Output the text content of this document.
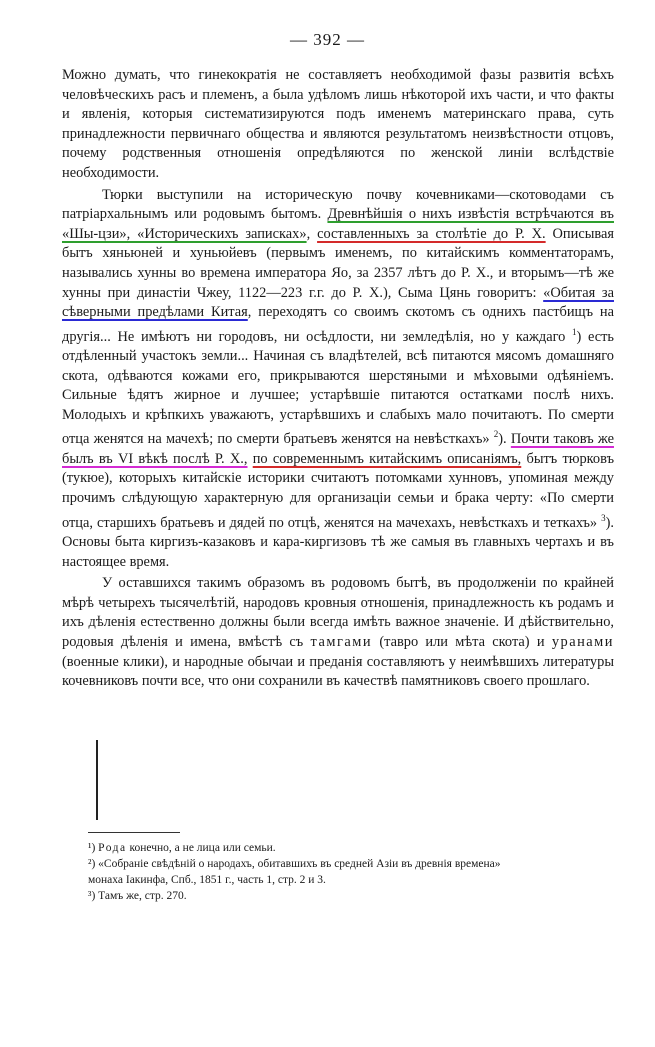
— 392 —

Можно думать, что гинекократія не составляетъ необходимой фазы развитія всѣхъ человѣческихъ расъ и племенъ, а была удѣломъ лишь нѣкоторой ихъ части, и что факты и явленія, которыя систематизируются подъ именемъ материнскаго права, суть принадлежности первичнаго общества и являются результатомъ неизвѣстности отцовъ, почему родственныя отношенія опредѣляются по женской линіи вслѣдствіе необходимости.

Тюрки выступили на историческую почву кочевниками—скотоводами съ патріархальнымъ или родовымъ бытомъ. Древнѣйшія о нихъ извѣстія встрѣчаются въ «Шы-цзи», «Историческихъ записках», составленныхъ за столѣтіе до Р. Х. Описывая бытъ хяньюней и хуньюйевъ (первымъ именемъ, по китайскимъ комментаторамъ, назывались хунны во времена императора Яо, за 2357 лѣтъ до Р. Х., и вторымъ—тѣ же хунны при династіи Чжеу, 1122—223 г.г. до Р. Х.), Сыма Цянь говоритъ: «Обитая за сѣверными предѣлами Китая, переходятъ со своимъ скотомъ съ однихъ пастбищъ на другія... Не имѣютъ ни городовъ, ни осѣдлости, ни земледѣлія, но у каждаго $^1$) есть отдѣленный участокъ земли... Начиная съ владѣтелей, всѣ питаются мясомъ домашняго скота, одѣваются кожами его, прикрываются шерстяными и мѣховыми одѣяніемъ. Сильные ѣдятъ жирное и лучшее; устарѣвшіе питаются остатками послѣ нихъ. Молодыхъ и крѣпкихъ уважаютъ, устарѣвшихъ и слабыхъ мало почитаютъ. По смерти отца женятся на мачехѣ; по смерти братьевъ женятся на невѣсткахъ» $^2$). Почти таковъ же былъ въ VI вѣкѣ послѣ Р. Х., по современнымъ китайскимъ описаніямъ, бытъ тюрковъ (тукюе), которыхъ китайскіе историки считаютъ потомками хунновъ, упоминая между прочимъ слѣдующую характерную для организаціи семьи и брака черту: «По смерти отца, старшихъ братьевъ и дядей по отцѣ, женятся на мачехахъ, невѣсткахъ и теткахъ» $^3$). Основы быта киргизъ-казаковъ и кара-киргизовъ тѣ же самыя въ главныхъ чертахъ и въ настоящее время.

У оставшихся такимъ образомъ въ родовомъ бытѣ, въ продолженіи по крайней мѣрѣ четырехъ тысячелѣтій, народовъ кровныя отношенія, принадлежность къ родамъ и ихъ дѣленія естественно должны были всегда имѣть важное значеніе. И дѣйствительно, родовыя дѣленія и имена, вмѣстѣ съ тамгами (тавро или мѣта скота) и уранами (военные клики), и народные обычаи и преданія составляютъ у неимѣвшихъ литературы кочевниковъ почти все, что они сохранили въ качествѣ памятниковъ своего прошлаго.

¹) Рода конечно, а не лица или семьи.
²) «Собраніе свѣдѣній о народахъ, обитавшихъ въ средней Азіи въ древнія времена»
монаха Іакинфа, Спб., 1851 г., часть 1, стр. 2 и 3.
³) Тамъ же, стр. 270.
